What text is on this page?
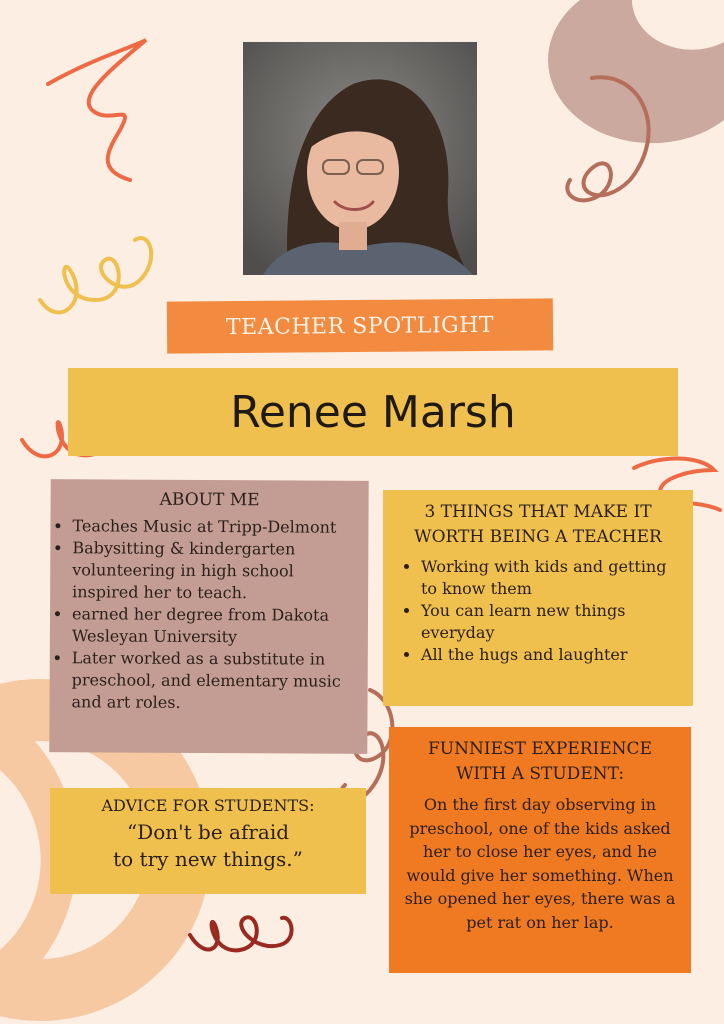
TEACHER SPOTLIGHT
Renee Marsh
ABOUT ME
• Teaches Music at Tripp-Delmont
• Babysitting & kindergarten volunteering in high school inspired her to teach.
• earned her degree from Dakota Wesleyan University
• Later worked as a substitute in preschool, and elementary music and art roles.
3 THINGS THAT MAKE IT
WORTH BEING A TEACHER
• Working with kids and getting to know them
• You can learn new things everyday
• All the hugs and laughter
ADVICE FOR STUDENTS:

“Don't be afraid
to try new things.”

FUNNIEST EXPERIENCE
WITH A STUDENT:

On the first day observing in preschool, one of the kids asked her to close her eyes, and he would give her something. When she opened her eyes, there was a pet rat on her lap.
